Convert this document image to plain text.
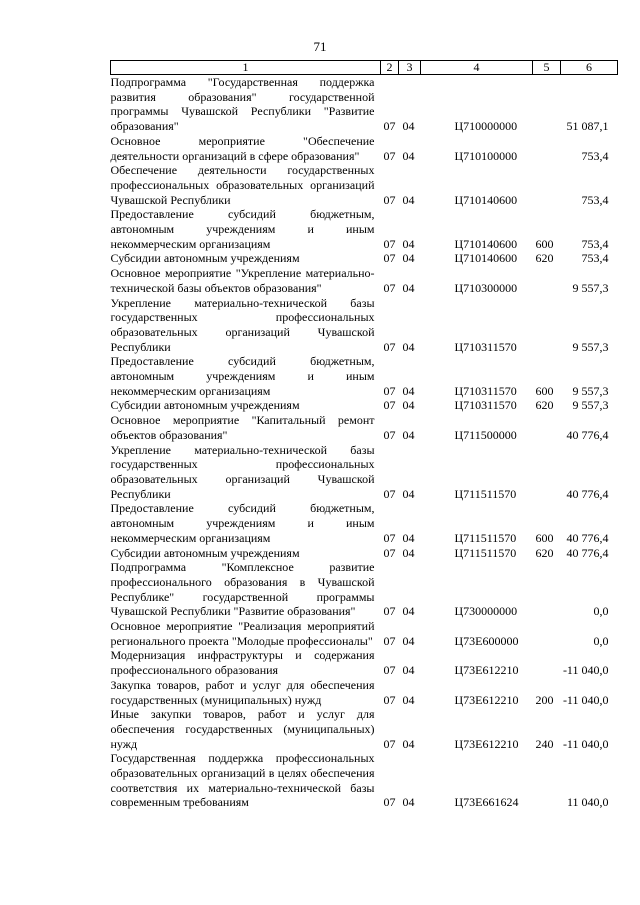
71
1	2	3	4	5	6

Подпрограмма "Государственная поддержка развития образования" государственной программы Чувашской Республики "Развитие образования"	07	04	Ц710000000		51 087,1

Основное мероприятие "Обеспечение деятельности организаций в сфере образования"	07	04	Ц710100000		753,4

Обеспечение деятельности государственных профессиональных образовательных организаций Чувашской Республики	07	04	Ц710140600		753,4

Предоставление субсидий бюджетным, автономным учреждениям и иным некоммерческим организациям	07	04	Ц710140600	600	753,4

Субсидии автономным учреждениям	07	04	Ц710140600	620	753,4

Основное мероприятие "Укрепление материально-технической базы объектов образования"	07	04	Ц710300000		9 557,3

Укрепление материально-технической базы государственных профессиональных образовательных организаций Чувашской Республики	07	04	Ц710311570		9 557,3

Предоставление субсидий бюджетным, автономным учреждениям и иным некоммерческим организациям	07	04	Ц710311570	600	9 557,3

Субсидии автономным учреждениям	07	04	Ц710311570	620	9 557,3

Основное мероприятие "Капитальный ремонт объектов образования"	07	04	Ц711500000		40 776,4

Укрепление материально-технической базы государственных профессиональных образовательных организаций Чувашской Республики	07	04	Ц711511570		40 776,4

Предоставление субсидий бюджетным, автономным учреждениям и иным некоммерческим организациям	07	04	Ц711511570	600	40 776,4

Субсидии автономным учреждениям	07	04	Ц711511570	620	40 776,4

Подпрограмма "Комплексное развитие профессионального образования в Чувашской Республике" государственной программы Чувашской Республики "Развитие образования"	07	04	Ц730000000		0,0

Основное мероприятие "Реализация мероприятий регионального проекта "Молодые профессионалы"	07	04	Ц73E600000		0,0

Модернизация инфраструктуры и содержания профессионального образования	07	04	Ц73E612210		-11 040,0

Закупка товаров, работ и услуг для обеспечения государственных (муниципальных) нужд	07	04	Ц73E612210	200	-11 040,0

Иные закупки товаров, работ и услуг для обеспечения государственных (муниципальных) нужд	07	04	Ц73E612210	240	-11 040,0

Государственная поддержка профессиональных образовательных организаций в целях обеспечения соответствия их материально-технической базы современным требованиям	07	04	Ц73E661624		11 040,0
